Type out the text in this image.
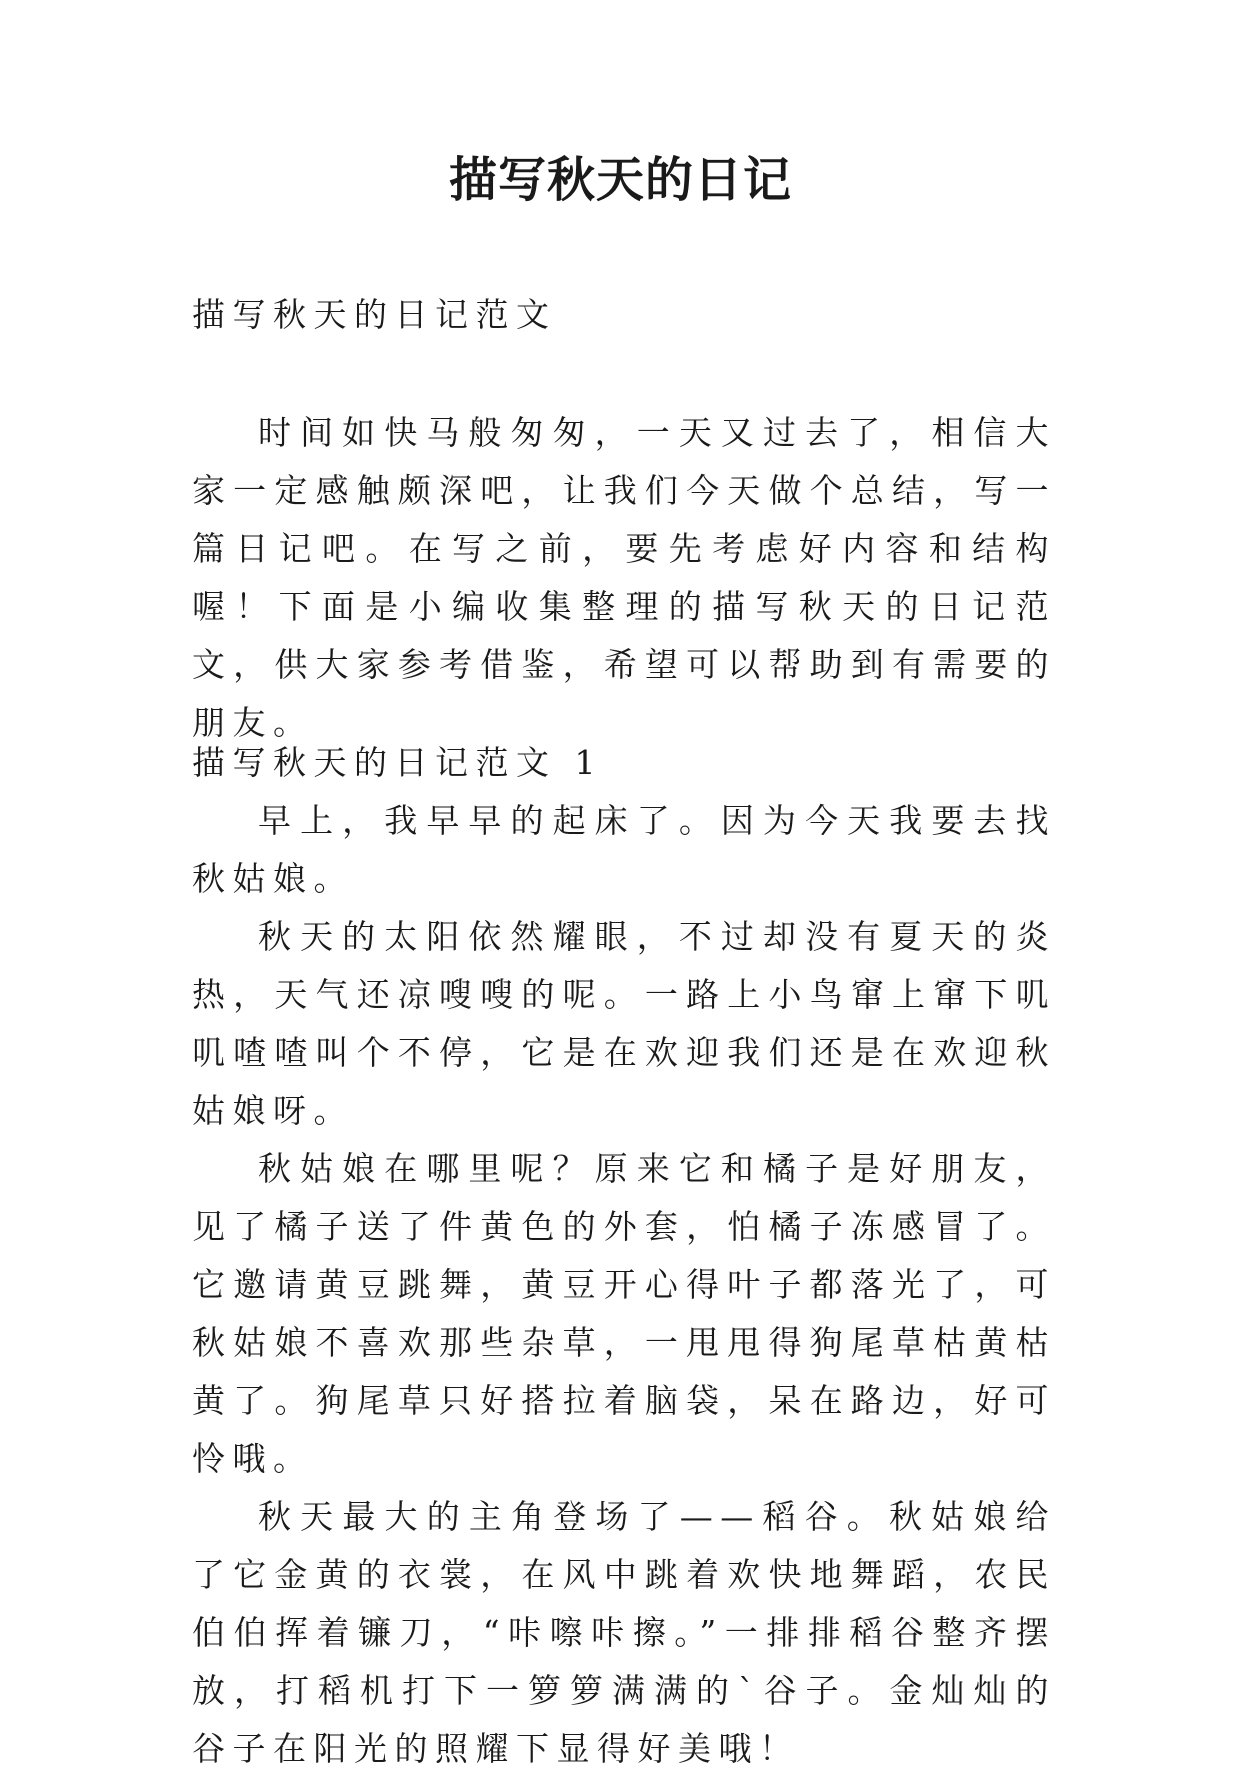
描写秋天的日记
描写秋天的日记范文

时间如快马般匆匆，一天又过去了，相信大家一定感触颇深吧，让我们今天做个总结，写一篇日记吧。在写之前，要先考虑好内容和结构喔！下面是小编收集整理的描写秋天的日记范文，供大家参考借鉴，希望可以帮助到有需要的朋友。

描写秋天的日记范文 1

早上，我早早的起床了。因为今天我要去找秋姑娘。

秋天的太阳依然耀眼，不过却没有夏天的炎热，天气还凉嗖嗖的呢。一路上小鸟窜上窜下叽叽喳喳叫个不停，它是在欢迎我们还是在欢迎秋姑娘呀。

秋姑娘在哪里呢？原来它和橘子是好朋友，见了橘子送了件黄色的外套，怕橘子冻感冒了。它邀请黄豆跳舞，黄豆开心得叶子都落光了，可秋姑娘不喜欢那些杂草，一甩甩得狗尾草枯黄枯黄了。狗尾草只好搭拉着脑袋，呆在路边，好可怜哦。

秋天最大的主角登场了——稻谷。秋姑娘给了它金黄的衣裳，在风中跳着欢快地舞蹈，农民伯伯挥着镰刀，“咔嚓咔擦。”一排排稻谷整齐摆放，打稻机打下一箩箩满满的`谷子。金灿灿的谷子在阳光的照耀下显得好美哦！
